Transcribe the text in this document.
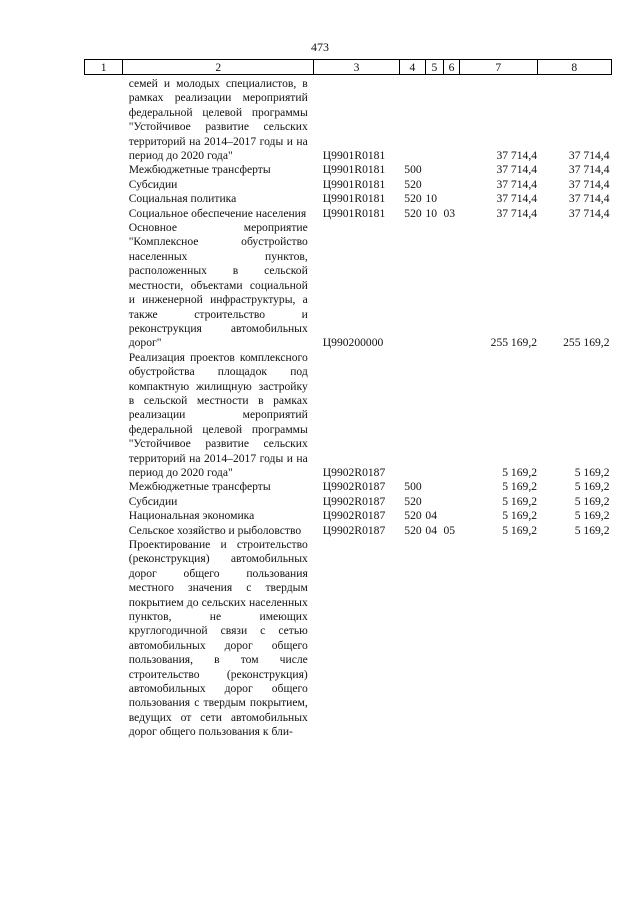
473
1	2	3	4	5	6	7	8
	семей и молодых специалистов, в рамках реализации мероприятий федеральной целевой программы "Устойчивое развитие сельских территорий на 2014–2017 годы и на период до 2020 года"	Ц9901R0181				37 714,4	37 714,4
	Межбюджетные трансферты	Ц9901R0181	500			37 714,4	37 714,4
	Субсидии	Ц9901R0181	520			37 714,4	37 714,4
	Социальная политика	Ц9901R0181	520	10		37 714,4	37 714,4
	Социальное обеспечение населения	Ц9901R0181	520	10	03	37 714,4	37 714,4
	Основное мероприятие "Комплексное обустройство населенных пунктов, расположенных в сельской местности, объектами социальной и инженерной инфраструктуры, а также строительство и реконструкция автомобильных дорог"	Ц990200000				255 169,2	255 169,2
	Реализация проектов комплексного обустройства площадок под компактную жилищную застройку в сельской местности в рамках реализации мероприятий федеральной целевой программы "Устойчивое развитие сельских территорий на 2014–2017 годы и на период до 2020 года"	Ц9902R0187				5 169,2	5 169,2
	Межбюджетные трансферты	Ц9902R0187	500			5 169,2	5 169,2
	Субсидии	Ц9902R0187	520			5 169,2	5 169,2
	Национальная экономика	Ц9902R0187	520	04		5 169,2	5 169,2
	Сельское хозяйство и рыболовство	Ц9902R0187	520	04	05	5 169,2	5 169,2
	Проектирование и строительство (реконструкция) автомобильных дорог общего пользования местного значения с твердым покрытием до сельских населенных пунктов, не имеющих круглогодичной связи с сетью автомобильных дорог общего пользования, в том числе строительство (реконструкция) автомобильных дорог общего пользования с твердым покрытием, ведущих от сети автомобильных дорог общего пользования к бли-						
